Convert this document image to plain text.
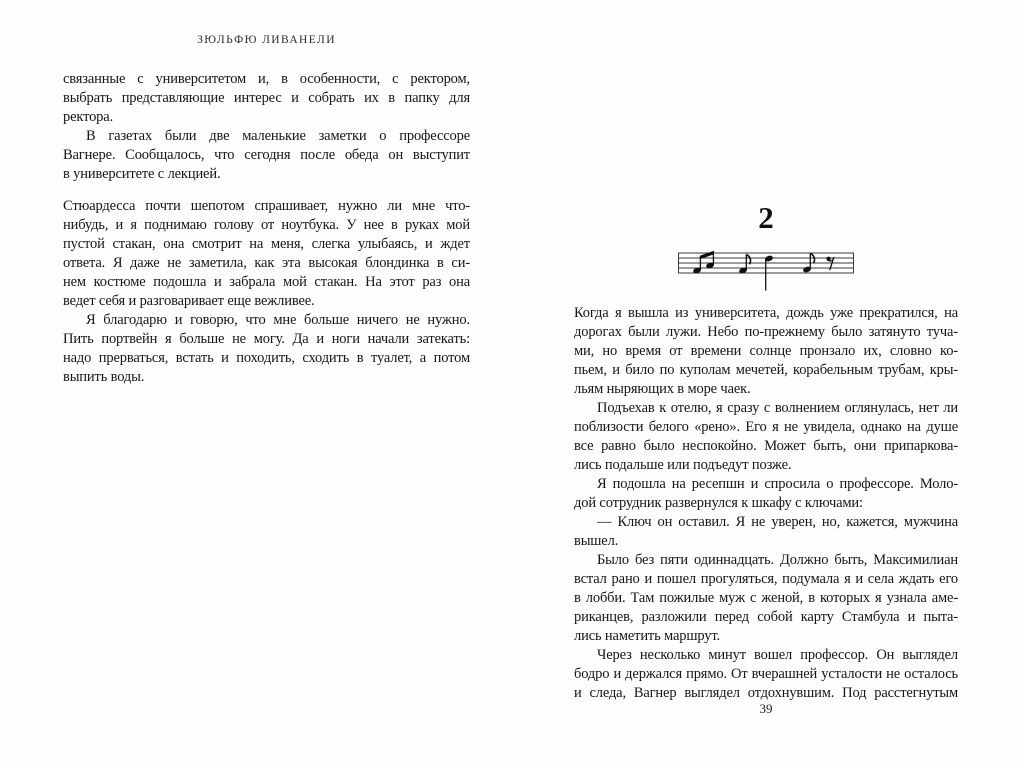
ЗЮЛЬФЮ ЛИВАНЕЛИ
связанные с университетом и, в особенности, с ректором,
выбрать представляющие интерес и собрать их в папку для
ректора.
В газетах были две маленькие заметки о профессоре
Вагнере. Сообщалось, что сегодня после обеда он выступит
в университете с лекцией.
Стюардесса почти шепотом спрашивает, нужно ли мне что-
нибудь, и я поднимаю голову от ноутбука. У нее в руках мой
пустой стакан, она смотрит на меня, слегка улыбаясь, и ждет
ответа. Я даже не заметила, как эта высокая блондинка в си-
нем костюме подошла и забрала мой стакан. На этот раз она
ведет себя и разговаривает еще вежливее.
Я благодарю и говорю, что мне больше ничего не нужно.
Пить портвейн я больше не могу. Да и ноги начали затекать:
надо прерваться, встать и походить, сходить в туалет, а потом
выпить воды.
2
Когда я вышла из университета, дождь уже прекратился, на
дорогах были лужи. Небо по-прежнему было затянуто туча-
ми, но время от времени солнце пронзало их, словно ко-
пьем, и било по куполам мечетей, корабельным трубам, кры-
льям ныряющих в море чаек.
Подъехав к отелю, я сразу с волнением оглянулась, нет ли
поблизости белого «рено». Его я не увидела, однако на душе
все равно было неспокойно. Может быть, они припаркова-
лись подальше или подъедут позже.
Я подошла на ресепшн и спросила о профессоре. Моло-
дой сотрудник развернулся к шкафу с ключами:
— Ключ он оставил. Я не уверен, но, кажется, мужчина
вышел.
Было без пяти одиннадцать. Должно быть, Максимилиан
встал рано и пошел прогуляться, подумала я и села ждать его
в лобби. Там пожилые муж с женой, в которых я узнала аме-
риканцев, разложили перед собой карту Стамбула и пыта-
лись наметить маршрут.
Через несколько минут вошел профессор. Он выглядел
бодро и держался прямо. От вчерашней усталости не осталось
и следа, Вагнер выглядел отдохнувшим. Под расстегнутым
39
